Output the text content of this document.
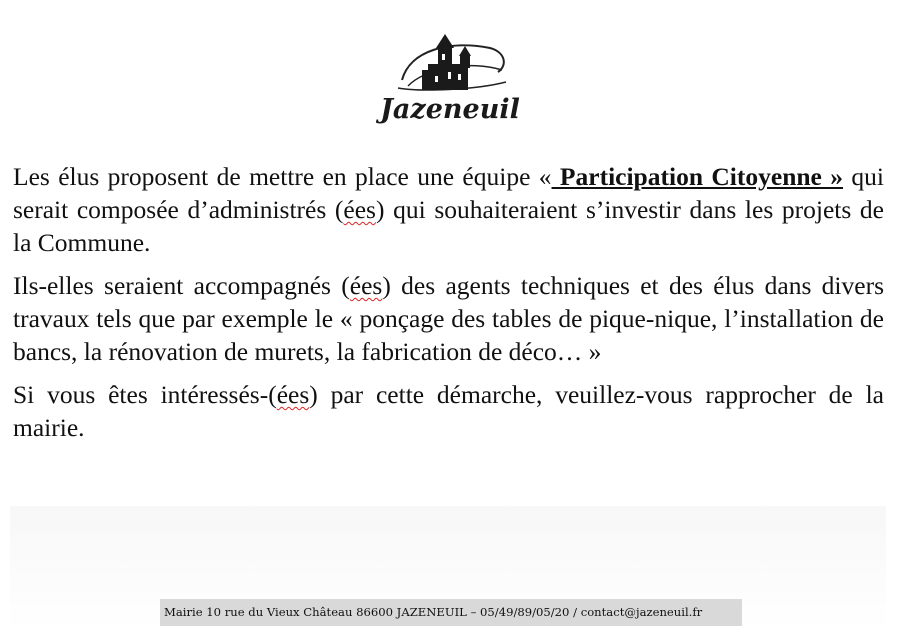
Jazeneuil

Les élus proposent de mettre en place une équipe « Participation Citoyenne » qui serait composée d’administrés (ées) qui souhaiteraient s’investir dans les projets de la Commune.

Ils-elles seraient accompagnés (ées) des agents techniques et des élus dans divers travaux tels que par exemple le « ponçage des tables de pique-nique, l’installation de bancs, la rénovation de murets, la fabrication de déco… »

Si vous êtes intéressés-(ées) par cette démarche, veuillez-vous rapprocher de la mairie.

Mairie 10 rue du Vieux Château 86600 JAZENEUIL – 05/49/89/05/20 / contact@jazeneuil.fr
